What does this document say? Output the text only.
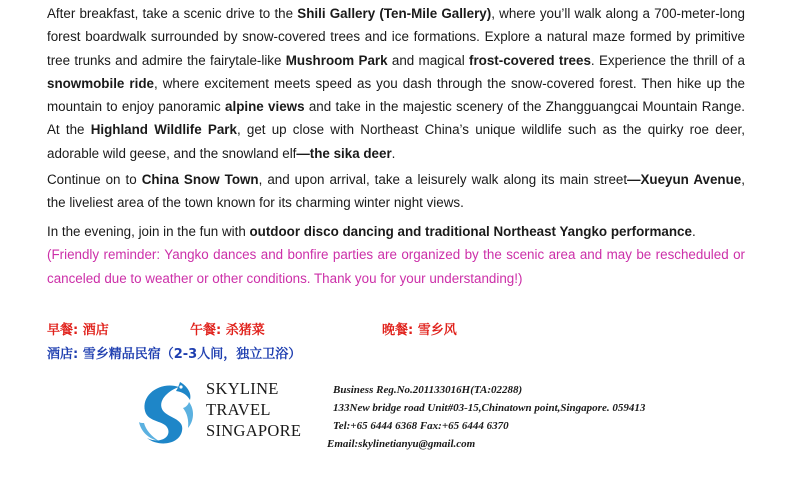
After breakfast, take a scenic drive to the Shili Gallery (Ten-Mile Gallery), where you’ll walk along a 700-meter-long forest boardwalk surrounded by snow-covered trees and ice formations. Explore a natural maze formed by primitive tree trunks and admire the fairytale-like Mushroom Park and magical frost-covered trees. Experience the thrill of a snowmobile ride, where excitement meets speed as you dash through the snow-covered forest. Then hike up the mountain to enjoy panoramic alpine views and take in the majestic scenery of the Zhangguangcai Mountain Range. At the Highland Wildlife Park, get up close with Northeast China’s unique wildlife such as the quirky roe deer, adorable wild geese, and the snowland elf—the sika deer.

Continue on to China Snow Town, and upon arrival, take a leisurely walk along its main street—Xueyun Avenue, the liveliest area of the town known for its charming winter night views.

In the evening, join in the fun with outdoor disco dancing and traditional Northeast Yangko performance.
(Friendly reminder: Yangko dances and bonfire parties are organized by the scenic area and may be rescheduled or canceled due to weather or other conditions. Thank you for your understanding!)

早餐: 酒店	午餐: 杀猪菜	晚餐: 雪乡风
酒店: 雪乡精品民宿（2-3人间，独立卫浴）
SKYLINE
TRAVEL
SINGAPORE
Business Reg.No.201133016H(TA:02288)
133New bridge road Unit#03-15,Chinatown point,Singapore. 059413
Tel:+65 6444 6368 Fax:+65 6444 6370
Email:skylinetianyu@gmail.com
